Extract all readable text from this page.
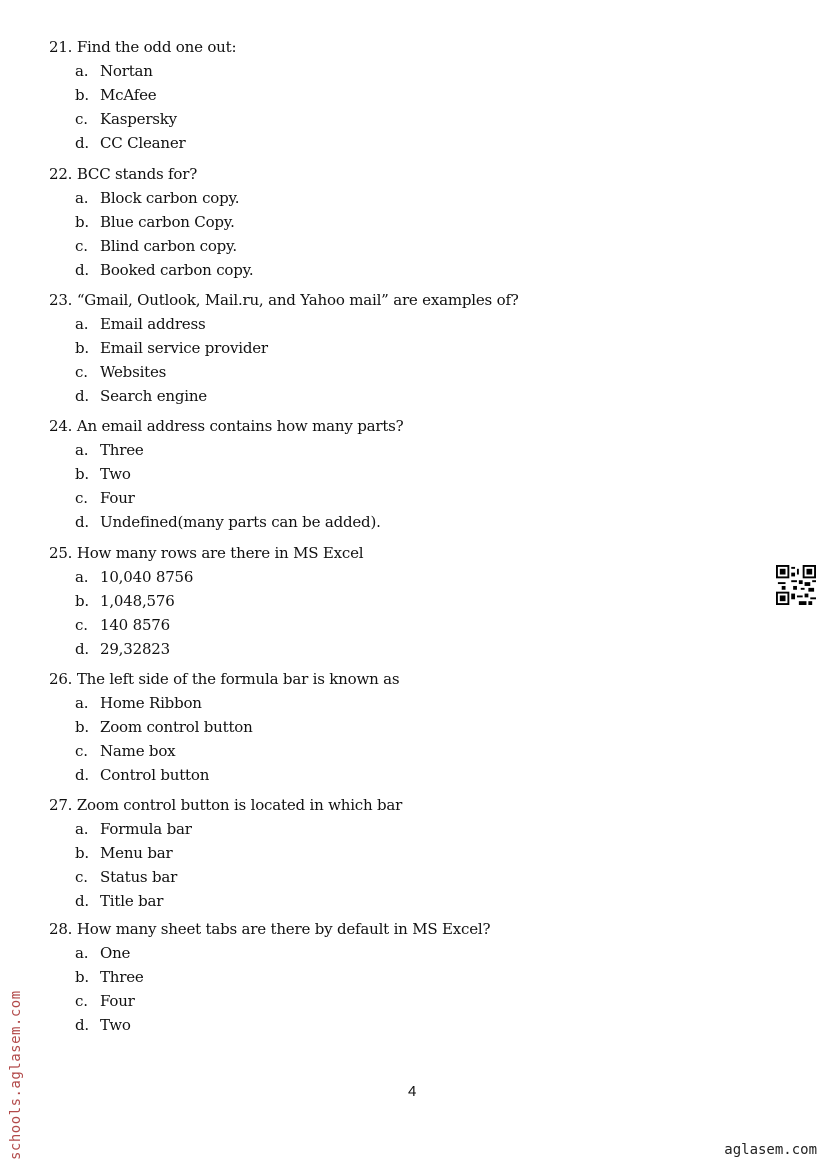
21. Find the odd one out:
a. Nortan
b. McAfee
c. Kaspersky
d. CC Cleaner
22. BCC stands for?
a. Block carbon copy.
b. Blue carbon Copy.
c. Blind carbon copy.
d. Booked carbon copy.
23. “Gmail, Outlook, Mail.ru, and Yahoo mail” are examples of?
a. Email address
b. Email service provider
c. Websites
d. Search engine
24. An email address contains how many parts?
a. Three
b. Two
c. Four
d. Undefined(many parts can be added).
25. How many rows are there in MS Excel
a. 10,040 8756
b. 1,048,576
c. 140 8576
d. 29,32823
26. The left side of the formula bar is known as
a. Home Ribbon
b. Zoom control button
c. Name box
d. Control button
27. Zoom control button is located in which bar
a. Formula bar
b. Menu bar
c. Status bar
d. Title bar
28. How many sheet tabs are there by default in MS Excel?
a. One
b. Three
c. Four
d. Two
4
schools.aglasem.com	aglasem.com
